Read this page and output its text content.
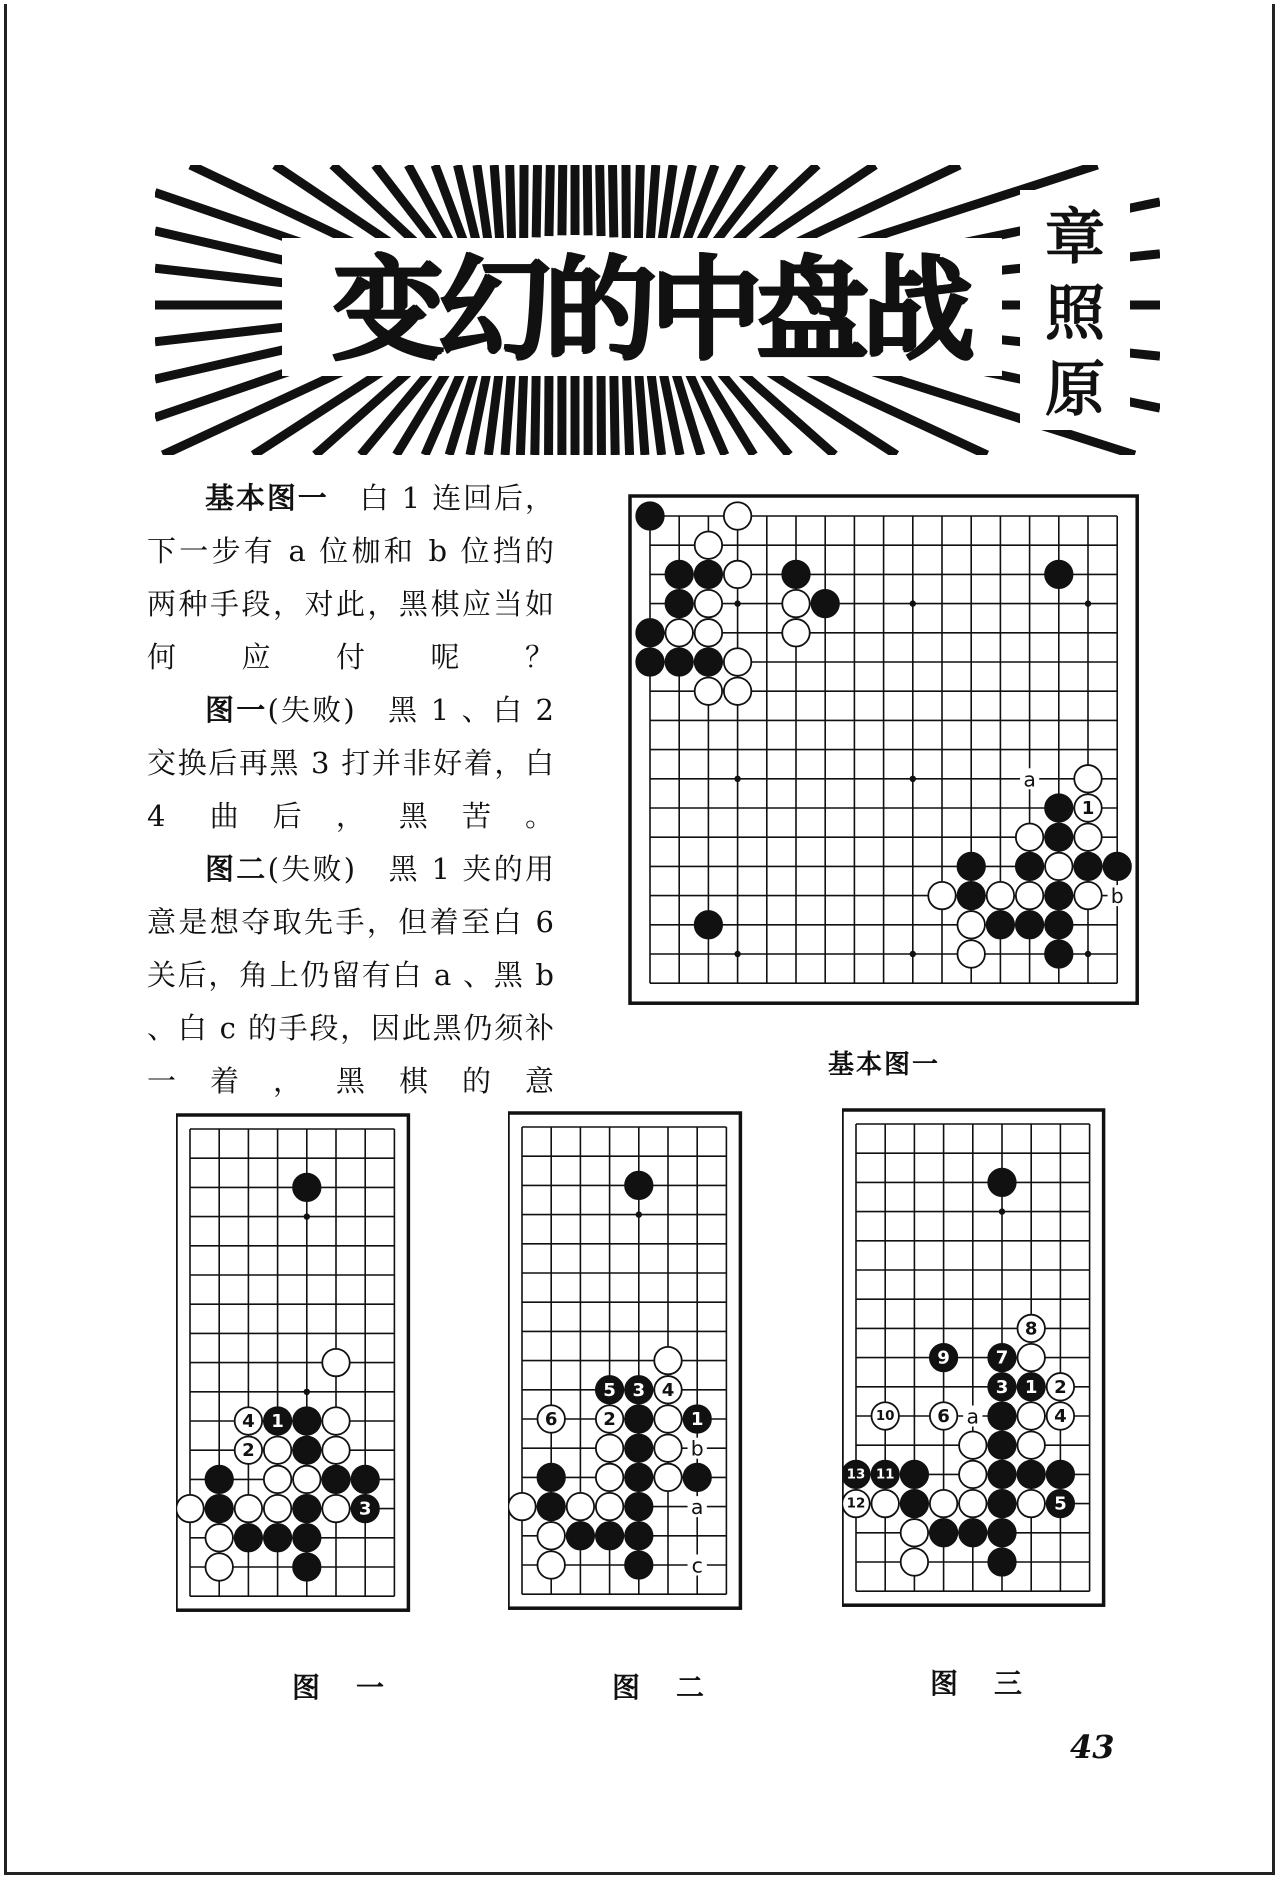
变幻的中盘战
章
照
原

基本图一　白 1 连回后，下一步有 a 位枷和 b 位挡的两种手段，对此，黑棋应当如何应付呢？

图一(失败)　黑 1 、白 2 交换后再黑 3 打并非好着，白 4 曲后，黑苦。

图二(失败)　黑 1 夹的用意是想夺取先手，但着至白 6 关后，角上仍留有白 a 、黑 b 、白 c 的手段，因此黑仍须补一着，黑棋的意

1
a
b
基本图一
4 1
2
3
5 3 4
6	2	1
b
a
c
8
9	7
3 1 2
10 6	4
13 11
12	5
a
图一	图二	图三
43
